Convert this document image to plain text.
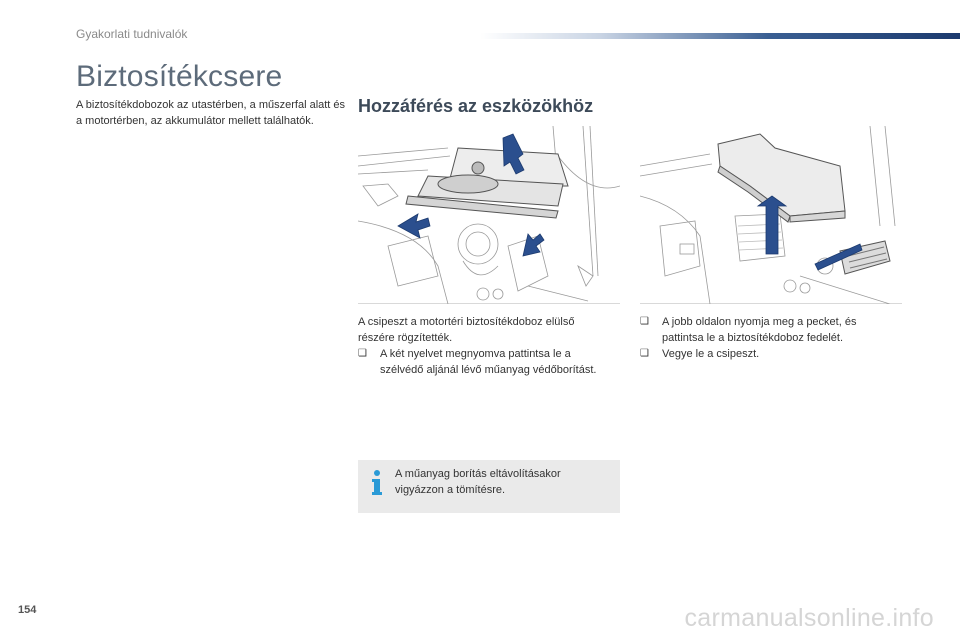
Gyakorlati tudnivalók
Biztosítékcsere
A biztosítékdobozok az utastérben, a műszerfal alatt és a motortérben, az akkumulátor mellett találhatók.
Hozzáférés az eszközökhöz
A csipeszt a motortéri biztosítékdoboz elülső részére rögzítették.
❑	A két nyelvet megnyomva pattintsa le a szélvédő aljánál lévő műanyag védőborítást.
❑	A jobb oldalon nyomja meg a pecket, és pattintsa le a biztosítékdoboz fedelét.
❑	Vegye le a csipeszt.
A műanyag borítás eltávolításakor vigyázzon a tömítésre.
154	carmanualsonline.info
